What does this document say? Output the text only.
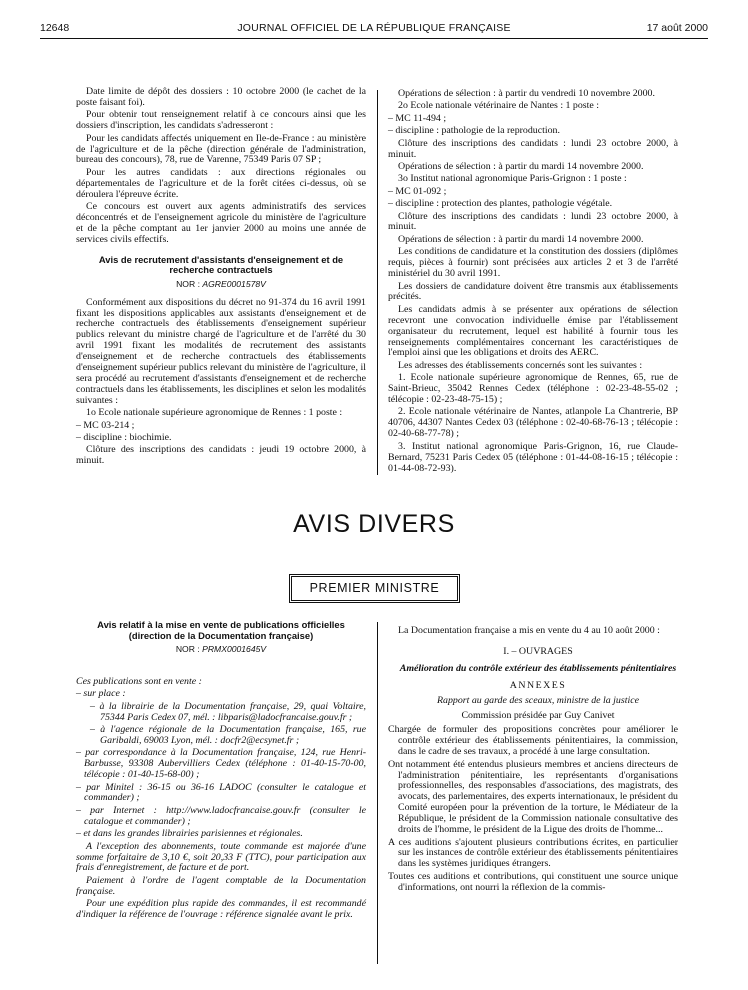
12648	JOURNAL OFFICIEL DE LA RÉPUBLIQUE FRANÇAISE	17 août 2000

Date limite de dépôt des dossiers : 10 octobre 2000 (le cachet de la poste faisant foi).

Pour obtenir tout renseignement relatif à ce concours ainsi que les dossiers d'inscription, les candidats s'adresseront :

Pour les candidats affectés uniquement en Ile-de-France : au ministère de l'agriculture et de la pêche (direction générale de l'administration, bureau des concours), 78, rue de Varenne, 75349 Paris 07 SP ;

Pour les autres candidats : aux directions régionales ou départementales de l'agriculture et de la forêt citées ci-dessus, où se déroulera l'épreuve écrite.

Ce concours est ouvert aux agents administratifs des services déconcentrés et de l'enseignement agricole du ministère de l'agriculture et de la pêche comptant au 1er janvier 2000 au moins une année de services civils effectifs.

Avis de recrutement d'assistants d'enseignement et de recherche contractuels
NOR : AGRE0001578V

Conformément aux dispositions du décret no 91-374 du 16 avril 1991 fixant les dispositions applicables aux assistants d'enseignement et de recherche contractuels des établissements d'enseignement supérieur publics relevant du ministre chargé de l'agriculture et de l'arrêté du 30 avril 1991 fixant les modalités de recrutement des assistants d'enseignement et de recherche contractuels des établissements d'enseignement supérieur publics relevant du ministère de l'agriculture, il sera procédé au recrutement d'assistants d'enseignement et de recherche contractuels dans les établissements, les disciplines et selon les modalités suivantes :

1o Ecole nationale supérieure agronomique de Rennes : 1 poste :

– MC 03-214 ;

– discipline : biochimie.

Clôture des inscriptions des candidats : jeudi 19 octobre 2000, à minuit.

Opérations de sélection : à partir du vendredi 10 novembre 2000.

2o Ecole nationale vétérinaire de Nantes : 1 poste :

– MC 11-494 ;

– discipline : pathologie de la reproduction.

Clôture des inscriptions des candidats : lundi 23 octobre 2000, à minuit.

Opérations de sélection : à partir du mardi 14 novembre 2000.

3o Institut national agronomique Paris-Grignon : 1 poste :

– MC 01-092 ;

– discipline : protection des plantes, pathologie végétale.

Clôture des inscriptions des candidats : lundi 23 octobre 2000, à minuit.

Opérations de sélection : à partir du mardi 14 novembre 2000.

Les conditions de candidature et la constitution des dossiers (diplômes requis, pièces à fournir) sont précisées aux articles 2 et 3 de l'arrêté ministériel du 30 avril 1991.

Les dossiers de candidature doivent être transmis aux établissements précités.

Les candidats admis à se présenter aux opérations de sélection recevront une convocation individuelle émise par l'établissement organisateur du recrutement, lequel est habilité à fournir tous les renseignements complémentaires concernant les caractéristiques de l'emploi ainsi que les obligations et droits des AERC.

Les adresses des établissements concernés sont les suivantes :

1. Ecole nationale supérieure agronomique de Rennes, 65, rue de Saint-Brieuc, 35042 Rennes Cedex (téléphone : 02-23-48-55-02 ; télécopie : 02-23-48-75-15) ;

2. Ecole nationale vétérinaire de Nantes, atlanpole La Chantrerie, BP 40706, 44307 Nantes Cedex 03 (téléphone : 02-40-68-76-13 ; télécopie : 02-40-68-77-78) ;

3. Institut national agronomique Paris-Grignon, 16, rue Claude-Bernard, 75231 Paris Cedex 05 (téléphone : 01-44-08-16-15 ; télécopie : 01-44-08-72-93).

AVIS DIVERS
PREMIER MINISTRE
Avis relatif à la mise en vente de publications officielles (direction de la Documentation française)
NOR : PRMX0001645V

Ces publications sont en vente :

– sur place :

– à la librairie de la Documentation française, 29, quai Voltaire, 75344 Paris Cedex 07, mél. : libparis@ladocfrancaise.gouv.fr ;

– à l'agence régionale de la Documentation française, 165, rue Garibaldi, 69003 Lyon, mél. : docfr2@ecsynet.fr ;

– par correspondance à la Documentation française, 124, rue Henri-Barbusse, 93308 Aubervilliers Cedex (téléphone : 01-40-15-70-00, télécopie : 01-40-15-68-00) ;

– par Minitel : 36-15 ou 36-16 LADOC (consulter le catalogue et commander) ;

– par Internet : http://www.ladocfrancaise.gouv.fr (consulter le catalogue et commander) ;

– et dans les grandes librairies parisiennes et régionales.

A l'exception des abonnements, toute commande est majorée d'une somme forfaitaire de 3,10 €, soit 20,33 F (TTC), pour participation aux frais d'enregistrement, de facture et de port.

Paiement à l'ordre de l'agent comptable de la Documentation française.

Pour une expédition plus rapide des commandes, il est recommandé d'indiquer la référence de l'ouvrage : référence signalée avant le prix.

La Documentation française a mis en vente du 4 au 10 août 2000 :

I. – OUVRAGES

Amélioration du contrôle extérieur des établissements pénitentiaires

ANNEXES

Rapport au garde des sceaux, ministre de la justice

Commission présidée par Guy Canivet

Chargée de formuler des propositions concrètes pour améliorer le contrôle extérieur des établissements pénitentiaires, la commission, dans le cadre de ses travaux, a procédé à une large consultation.

Ont notamment été entendus plusieurs membres et anciens directeurs de l'administration pénitentiaire, les représentants d'organisations professionnelles, des responsables d'associations, des magistrats, des avocats, des parlementaires, des experts internationaux, le président du Comité européen pour la prévention de la torture, le Médiateur de la République, le président de la Commission nationale consultative des droits de l'homme, le président de la Ligue des droits de l'homme...

A ces auditions s'ajoutent plusieurs contributions écrites, en particulier sur les instances de contrôle extérieur des établissements pénitentiaires dans les systèmes juridiques étrangers.

Toutes ces auditions et contributions, qui constituent une source unique d'informations, ont nourri la réflexion de la commis-
